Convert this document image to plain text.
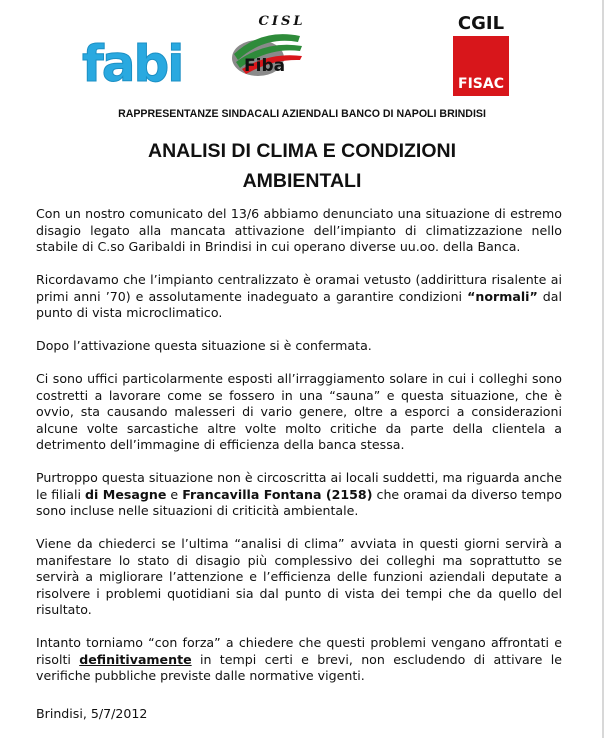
fabi
CISL
Fiba
CGIL
FISAC
RAPPRESENTANZE SINDACALI AZIENDALI BANCO DI NAPOLI BRINDISI
ANALISI DI CLIMA E CONDIZIONI
AMBIENTALI

Con un nostro comunicato del 13/6 abbiamo denunciato una situazione di estremo disagio legato alla mancata attivazione dell’impianto di climatizzazione nello stabile di C.so Garibaldi in Brindisi in cui operano diverse uu.oo. della Banca.

Ricordavamo che l’impianto centralizzato è oramai vetusto (addirittura risalente ai primi anni ’70) e assolutamente inadeguato a garantire condizioni “normali” dal punto di vista microclimatico.

Dopo l’attivazione questa situazione si è confermata.

Ci sono uffici particolarmente esposti all’irraggiamento solare in cui i colleghi sono costretti a lavorare come se fossero in una “sauna” e questa situazione, che è ovvio, sta causando malesseri di vario genere, oltre a esporci a considerazioni alcune volte sarcastiche altre volte molto critiche da parte della clientela a detrimento dell’immagine di efficienza della banca stessa.

Purtroppo questa situazione non è circoscritta ai locali suddetti, ma riguarda anche le filiali di Mesagne e Francavilla Fontana (2158) che oramai da diverso tempo sono incluse nelle situazioni di criticità ambientale.

Viene da chiederci se l’ultima “analisi di clima” avviata in questi giorni servirà a manifestare lo stato di disagio più complessivo dei colleghi ma soprattutto se servirà a migliorare l’attenzione e l’efficienza delle funzioni aziendali deputate a risolvere i problemi quotidiani sia dal punto di vista dei tempi che da quello del risultato.

Intanto torniamo “con forza” a chiedere che questi problemi vengano affrontati e risolti definitivamente in tempi certi e brevi, non escludendo di attivare le verifiche pubbliche previste dalle normative vigenti.

Brindisi, 5/7/2012
